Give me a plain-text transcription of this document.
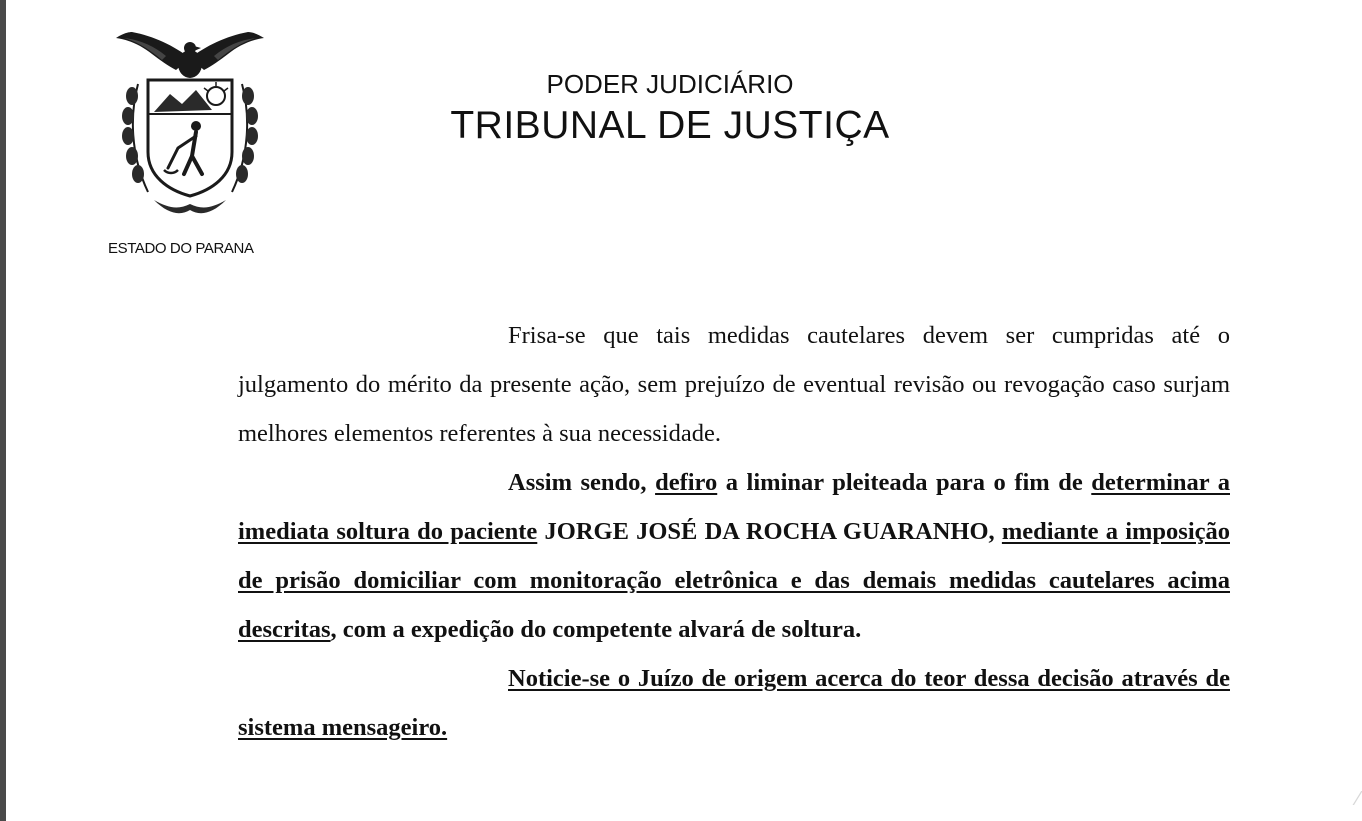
ESTADO DO PARANA
PODER JUDICIÁRIO
TRIBUNAL DE JUSTIÇA

Frisa-se que tais medidas cautelares devem ser cumpridas até o julgamento do mérito da presente ação, sem prejuízo de eventual revisão ou revogação caso surjam melhores elementos referentes à sua necessidade.

Assim sendo, defiro a liminar pleiteada para o fim de determinar a imediata soltura do paciente JORGE JOSÉ DA ROCHA GUARANHO, mediante a imposição de prisão domiciliar com monitoração eletrônica e das demais medidas cautelares acima descritas, com a expedição do competente alvará de soltura.

Noticie-se o Juízo de origem acerca do teor dessa decisão através de sistema mensageiro.

⁄
